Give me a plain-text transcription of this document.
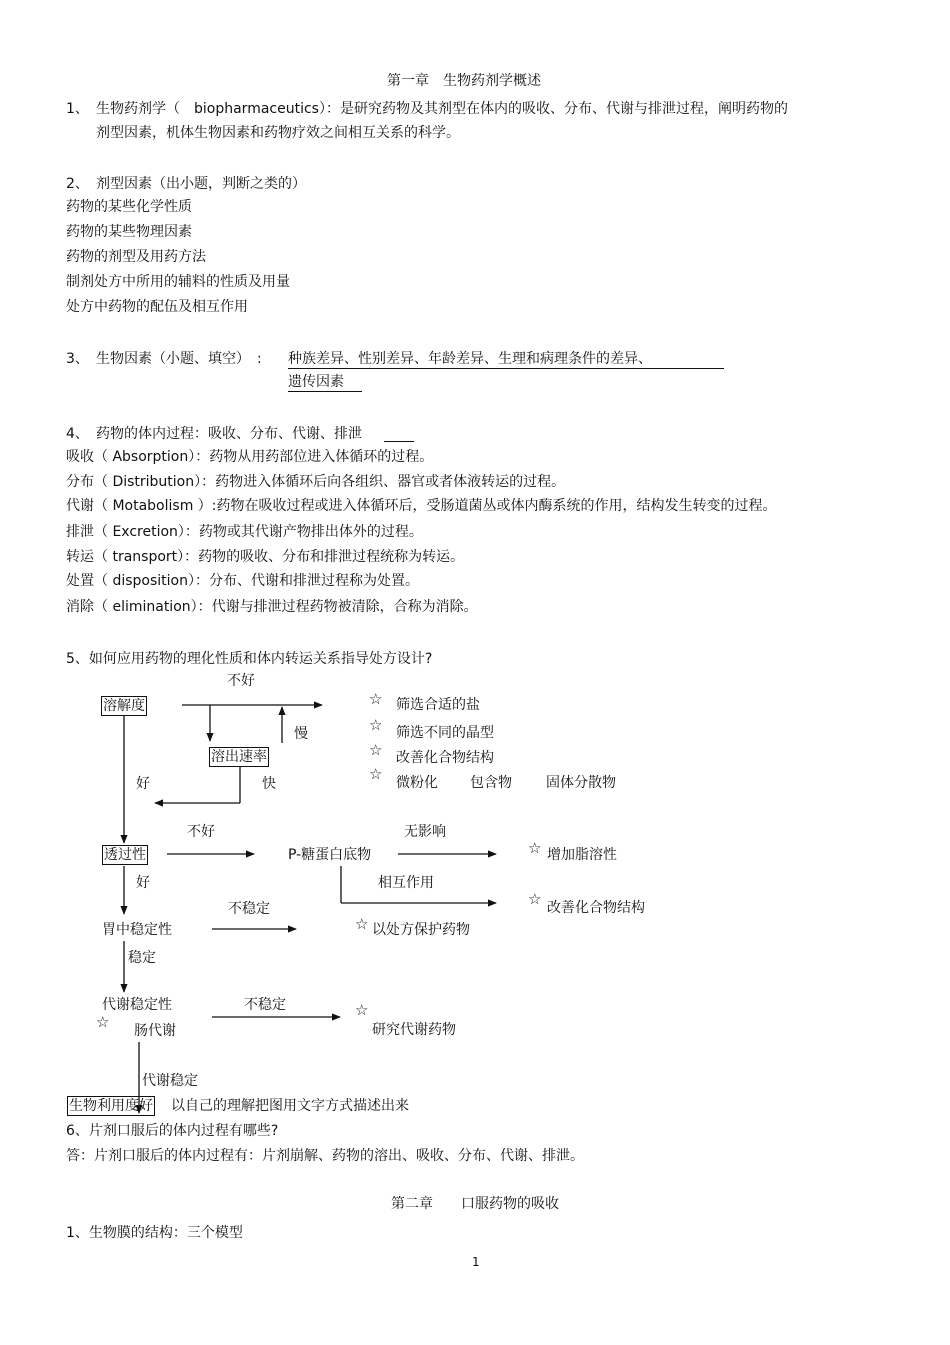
第一章　生物药剂学概述
1、 生物药剂学（　biopharmaceutics）：是研究药物及其剂型在体内的吸收、分布、代谢与排泄过程，阐明药物的
剂型因素，机体生物因素和药物疗效之间相互关系的科学。
2、 剂型因素（出小题，判断之类的）
药物的某些化学性质
药物的某些物理因素
药物的剂型及用药方法
制剂处方中所用的辅料的性质及用量
处方中药物的配伍及相互作用
3、 生物因素（小题、填空）　: 种族差异、性别差异、年龄差异、生理和病理条件的差异、
遗传因素
4、 药物的体内过程：吸收、分布、代谢、排泄
吸收（ Absorption）：药物从用药部位进入体循环的过程。
分布（ Distribution）：药物进入体循环后向各组织、器官或者体液转运的过程。
代谢（ Motabolism ）:药物在吸收过程或进入体循环后，受肠道菌丛或体内酶系统的作用，结构发生转变的过程。
排泄（ Excretion）：药物或其代谢产物排出体外的过程。
转运（ transport）：药物的吸收、分布和排泄过程统称为转运。
处置（ disposition）：分布、代谢和排泄过程称为处置。
消除（ elimination）：代谢与排泄过程药物被清除，合称为消除。
5、如何应用药物的理化性质和体内转运关系指导处方设计?
溶解度
溶出速率
透过性	P-糖蛋白底物
胃中稳定性
代谢稳定性
肠代谢
生物利用度好 以自己的理解把图用文字方式描述出来
不好
慢
好	快
不好	无影响
好	相互作用
不稳定
稳定
不稳定
代谢稳定
☆
☆
☆
☆
☆
☆
☆
☆
☆
筛选合适的盐
筛选不同的晶型
改善化合物结构
微粉化 包含物 固体分散物
增加脂溶性
改善化合物结构
以处方保护药物
研究代谢药物
6、片剂口服后的体内过程有哪些?
答：片剂口服后的体内过程有：片剂崩解、药物的溶出、吸收、分布、代谢、排泄。
第二章　　口服药物的吸收
1、生物膜的结构：三个模型
1
